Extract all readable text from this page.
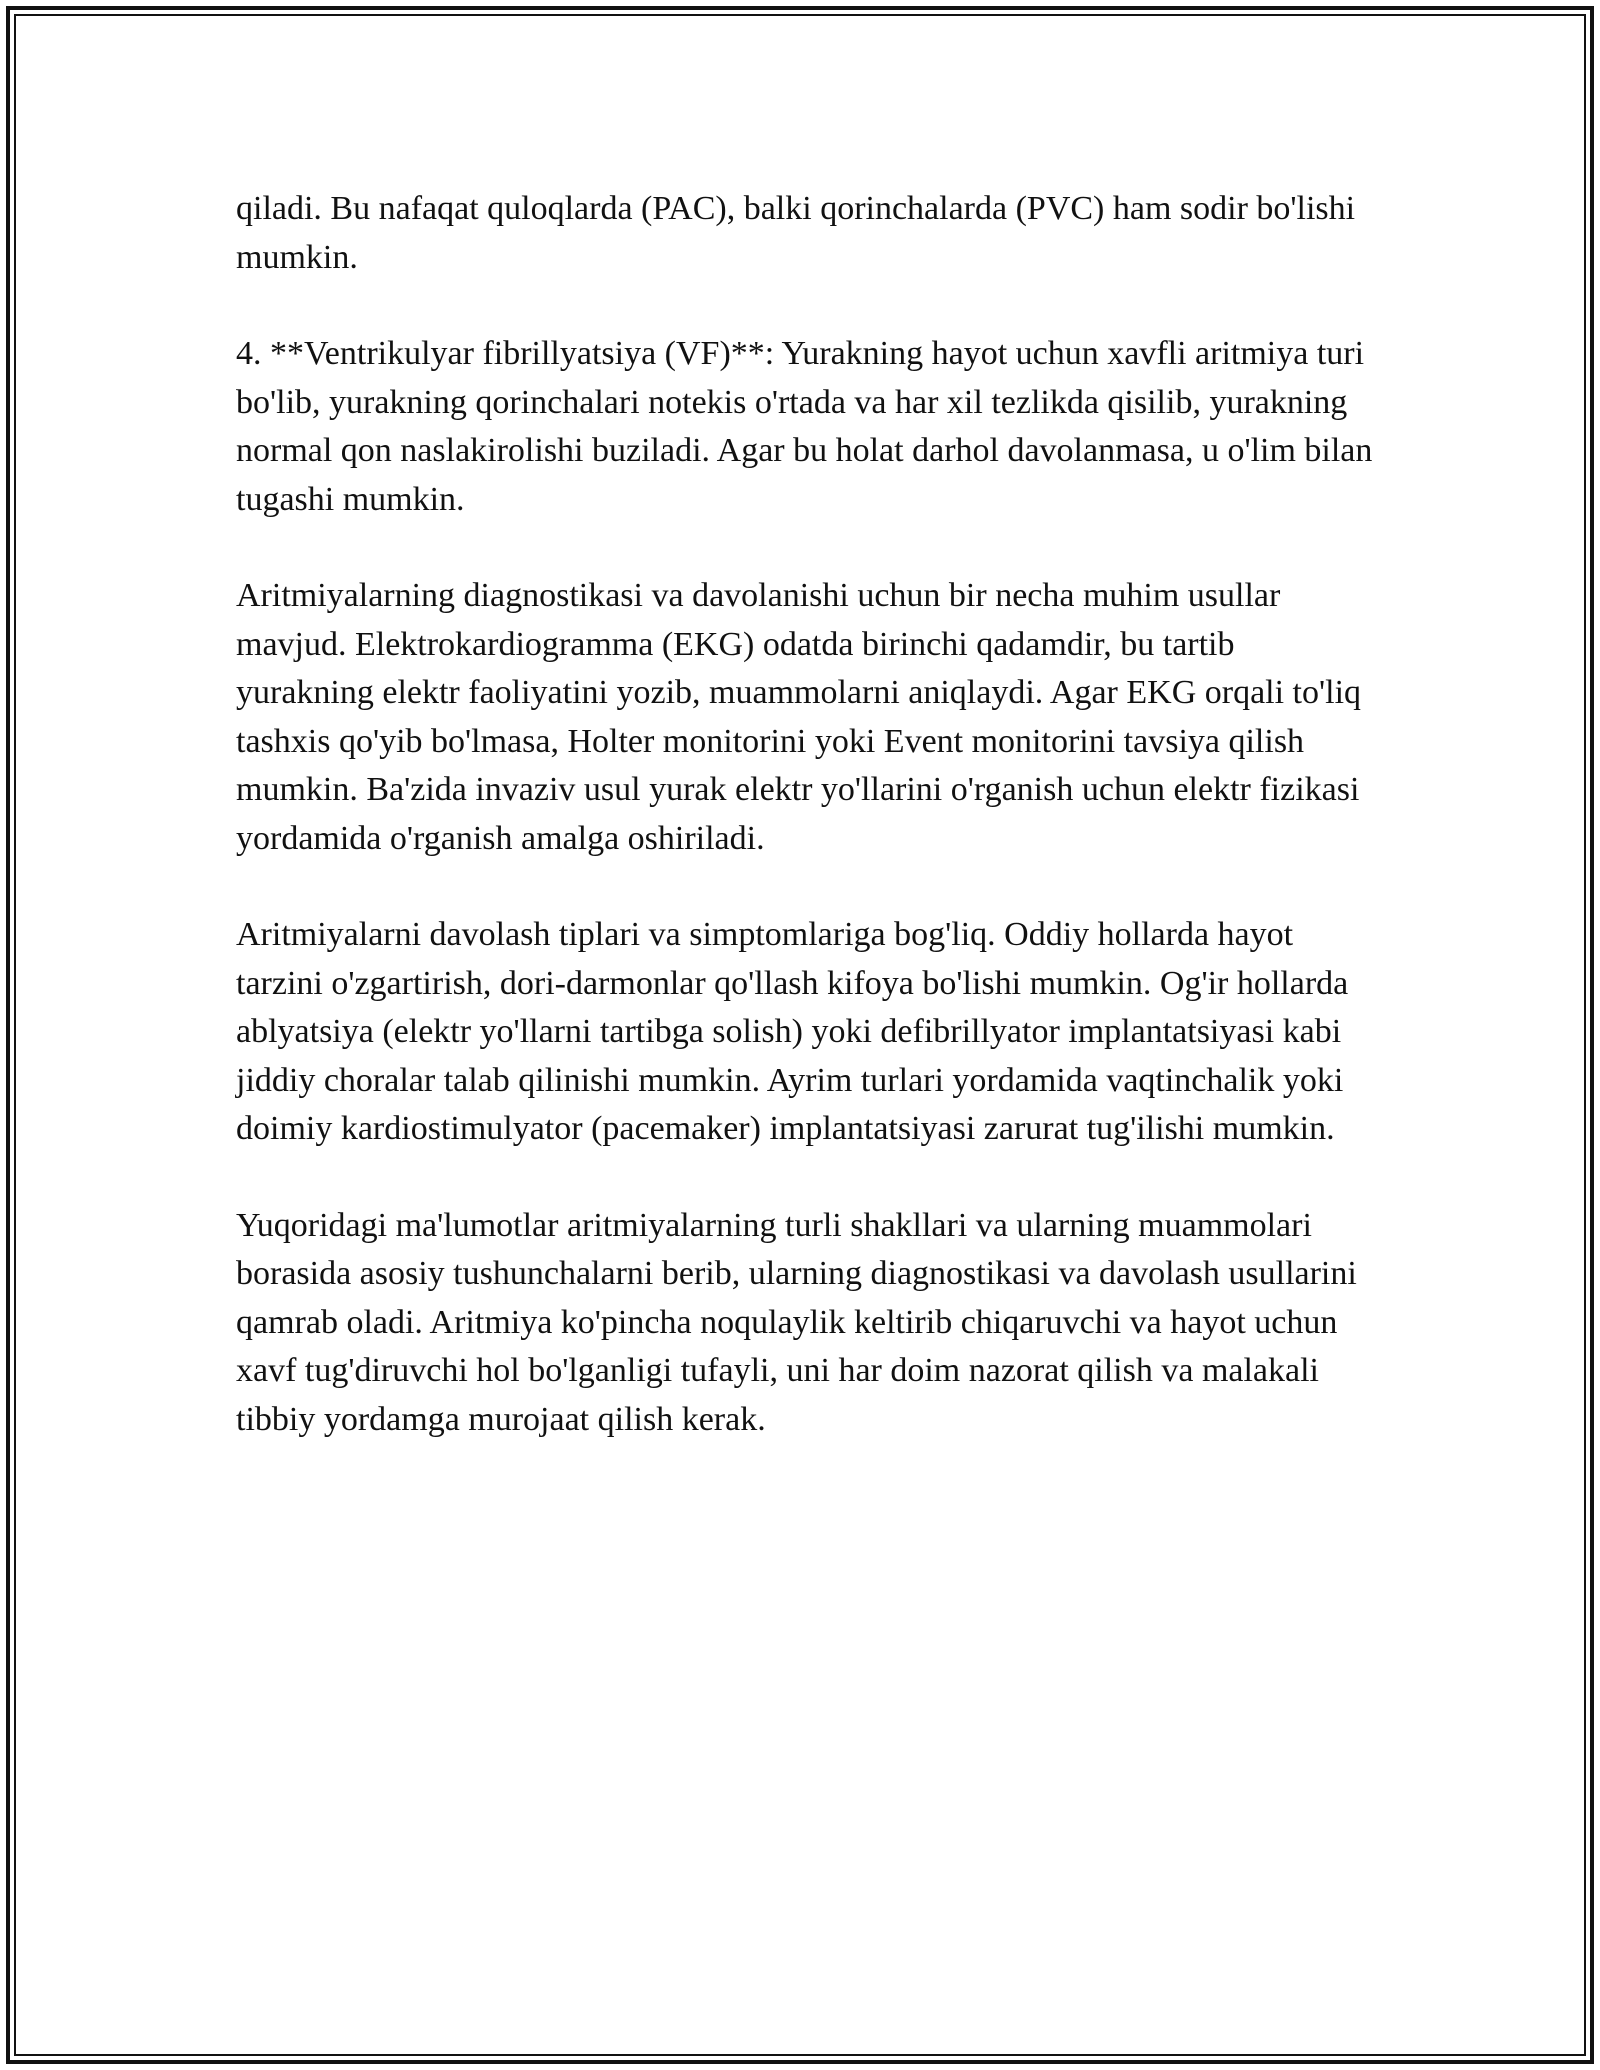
qiladi. Bu nafaqat quloqlarda (PAC), balki qorinchalarda (PVC) ham sodir bo'lishi mumkin.

4. **Ventrikulyar fibrillyatsiya (VF)**: Yurakning hayot uchun xavfli aritmiya turi bo'lib, yurakning qorinchalari notekis o'rtada va har xil tezlikda qisilib, yurakning normal qon naslakirolishi buziladi. Agar bu holat darhol davolanmasa, u o'lim bilan tugashi mumkin.

Aritmiyalarning diagnostikasi va davolanishi uchun bir necha muhim usullar mavjud. Elektrokardiogramma (EKG) odatda birinchi qadamdir, bu tartib yurakning elektr faoliyatini yozib, muammolarni aniqlaydi. Agar EKG orqali to'liq tashxis qo'yib bo'lmasa, Holter monitorini yoki Event monitorini tavsiya qilish mumkin. Ba'zida invaziv usul yurak elektr yo'llarini o'rganish uchun elektr fizikasi yordamida o'rganish amalga oshiriladi.

Aritmiyalarni davolash tiplari va simptomlariga bog'liq. Oddiy hollarda hayot tarzini o'zgartirish, dori-darmonlar qo'llash kifoya bo'lishi mumkin. Og'ir hollarda ablyatsiya (elektr yo'llarni tartibga solish) yoki defibrillyator implantatsiyasi kabi jiddiy choralar talab qilinishi mumkin. Ayrim turlari yordamida vaqtinchalik yoki doimiy kardiostimulyator (pacemaker) implantatsiyasi zarurat tug'ilishi mumkin.

Yuqoridagi ma'lumotlar aritmiyalarning turli shakllari va ularning muammolari borasida asosiy tushunchalarni berib, ularning diagnostikasi va davolash usullarini qamrab oladi. Aritmiya ko'pincha noqulaylik keltirib chiqaruvchi va hayot uchun xavf tug'diruvchi hol bo'lganligi tufayli, uni har doim nazorat qilish va malakali tibbiy yordamga murojaat qilish kerak.
